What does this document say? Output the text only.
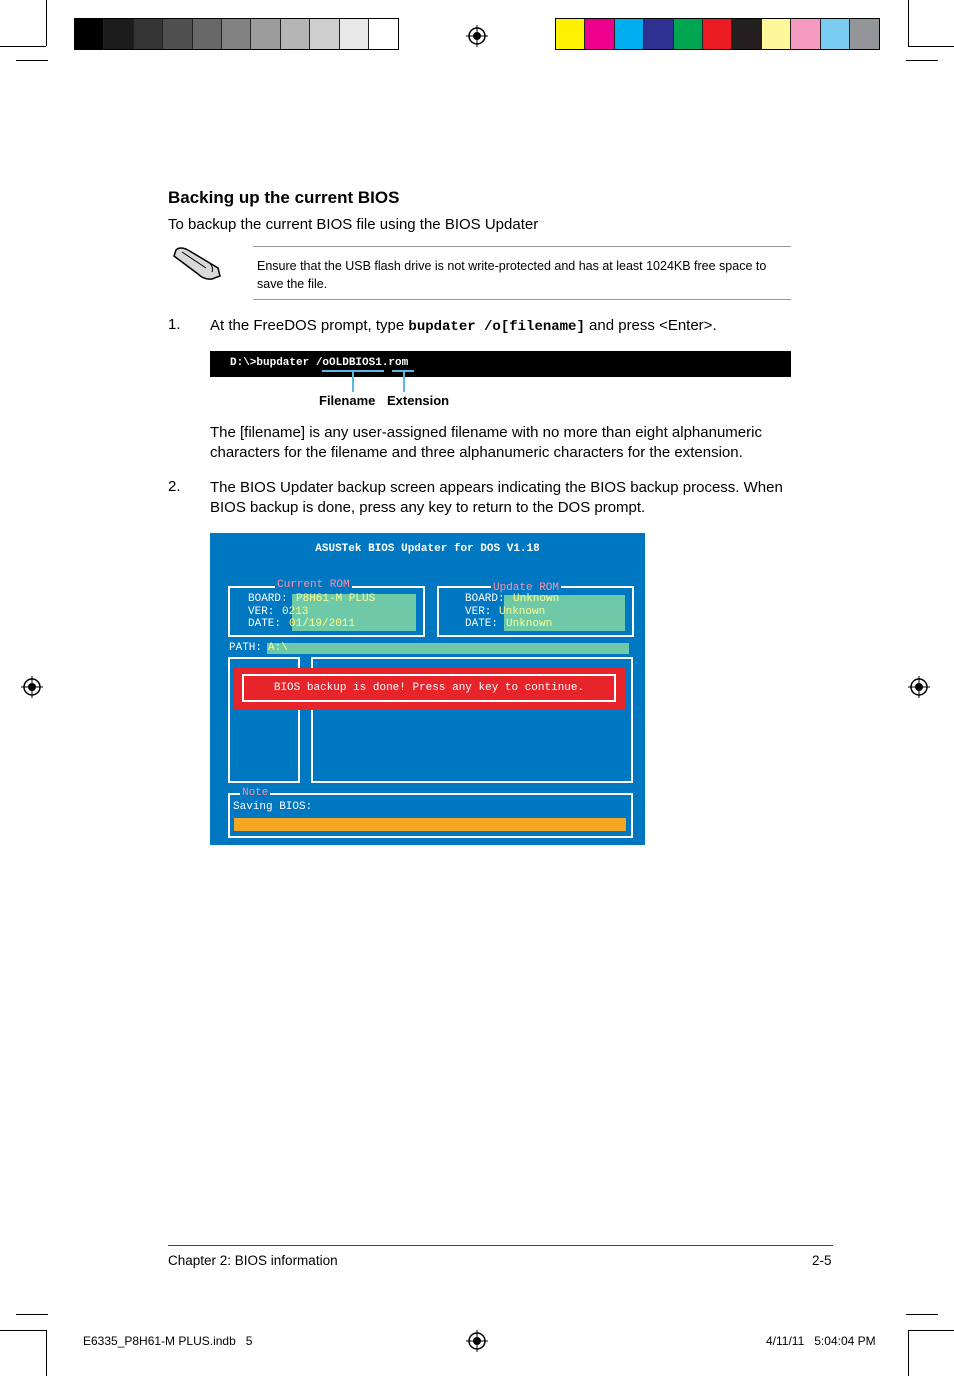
Backing up the current BIOS
To backup the current BIOS file using the BIOS Updater
Ensure that the USB flash drive is not write-protected and has at least 1024KB free space to save the file.
1. At the FreeDOS prompt, type bupdater /o[filename] and press <Enter>.
D:\>bupdater /oOLDBIOS1.rom
Filename Extension
The [filename] is any user-assigned filename with no more than eight alphanumeric characters for the filename and three alphanumeric characters for the extension.
2. The BIOS Updater backup screen appears indicating the BIOS backup process. When BIOS backup is done, press any key to return to the DOS prompt.
ASUSTek BIOS Updater for DOS V1.18
Current ROM
BOARD: P8H61-M PLUS
VER: 0213
DATE: 01/19/2011
Update ROM
BOARD: Unknown
VER: Unknown
DATE: Unknown
PATH: A:\
BIOS backup is done! Press any key to continue.
Note
Saving BIOS:
Chapter 2: BIOS information	2-5
E6335_P8H61-M PLUS.indb   5	4/11/11   5:04:04 PM
